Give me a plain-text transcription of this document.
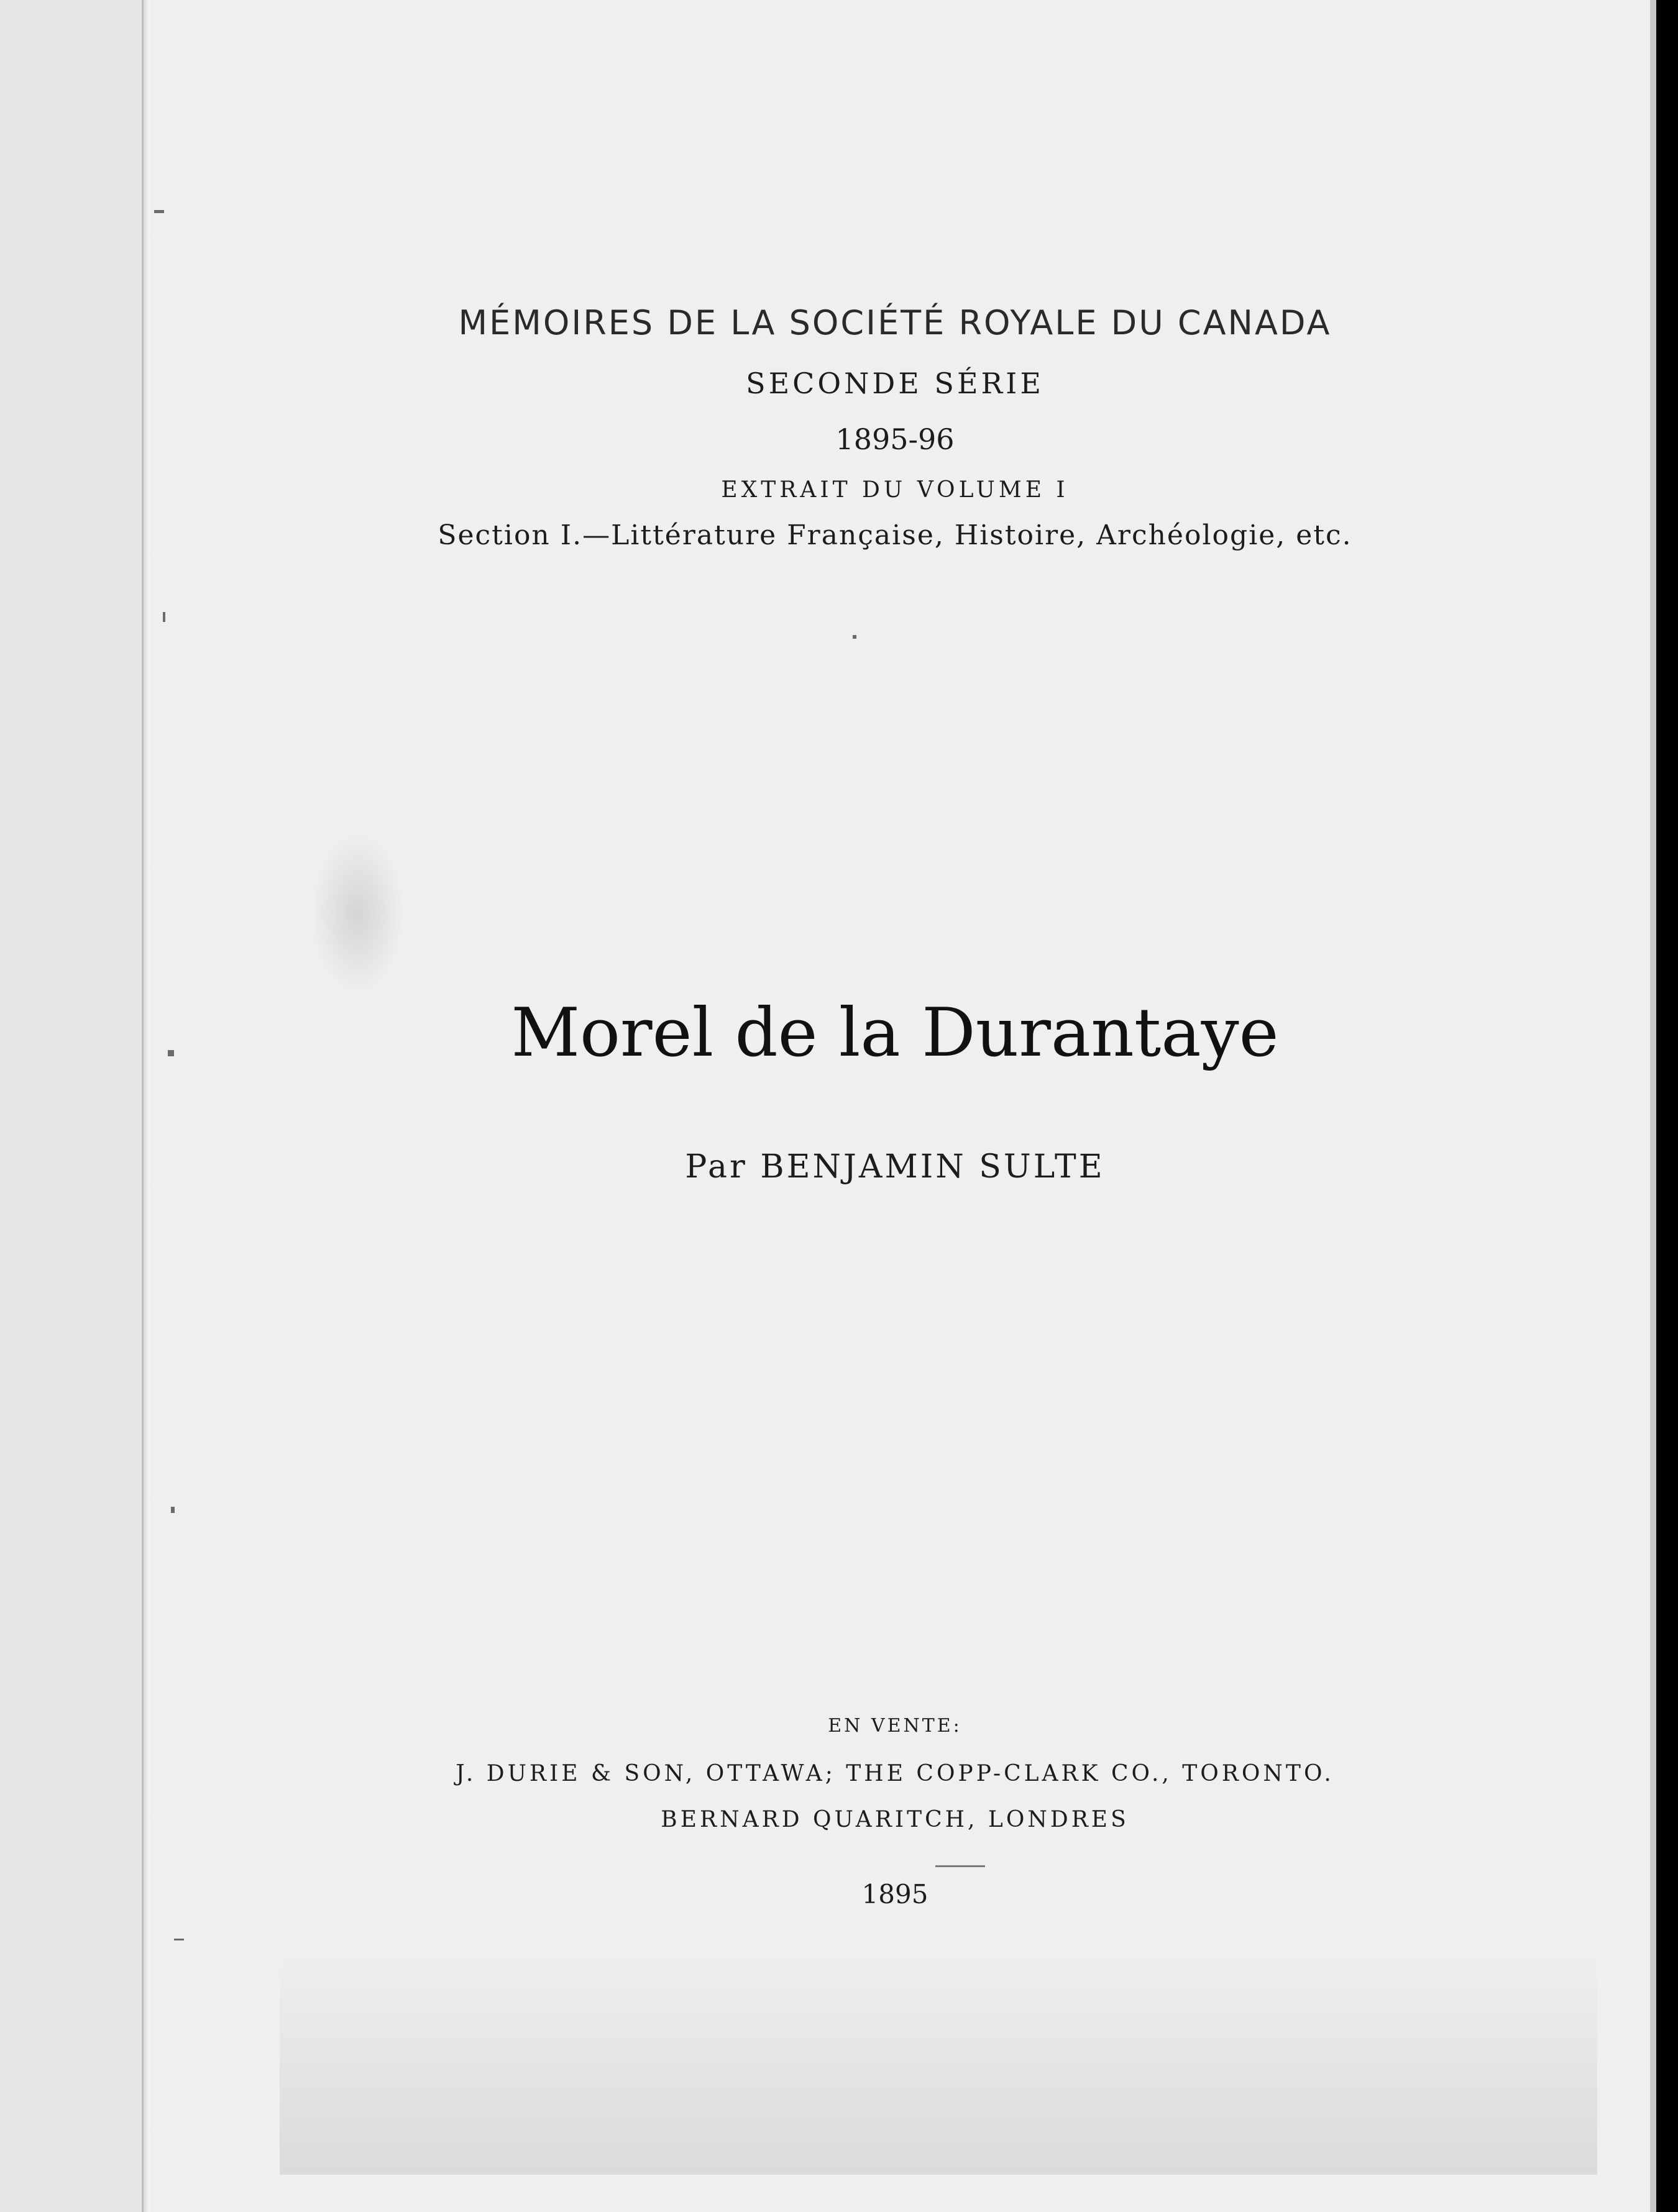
MÉMOIRES DE LA SOCIÉTÉ ROYALE DU CANADA
SECONDE SÉRIE
1895-96
EXTRAIT DU VOLUME I
Section I.—Littérature Française, Histoire, Archéologie, etc.
Morel de la Durantaye
Par BENJAMIN SULTE
EN VENTE:
J. DURIE & SON, OTTAWA; THE COPP-CLARK CO., TORONTO.
BERNARD QUARITCH, LONDRES
1895
